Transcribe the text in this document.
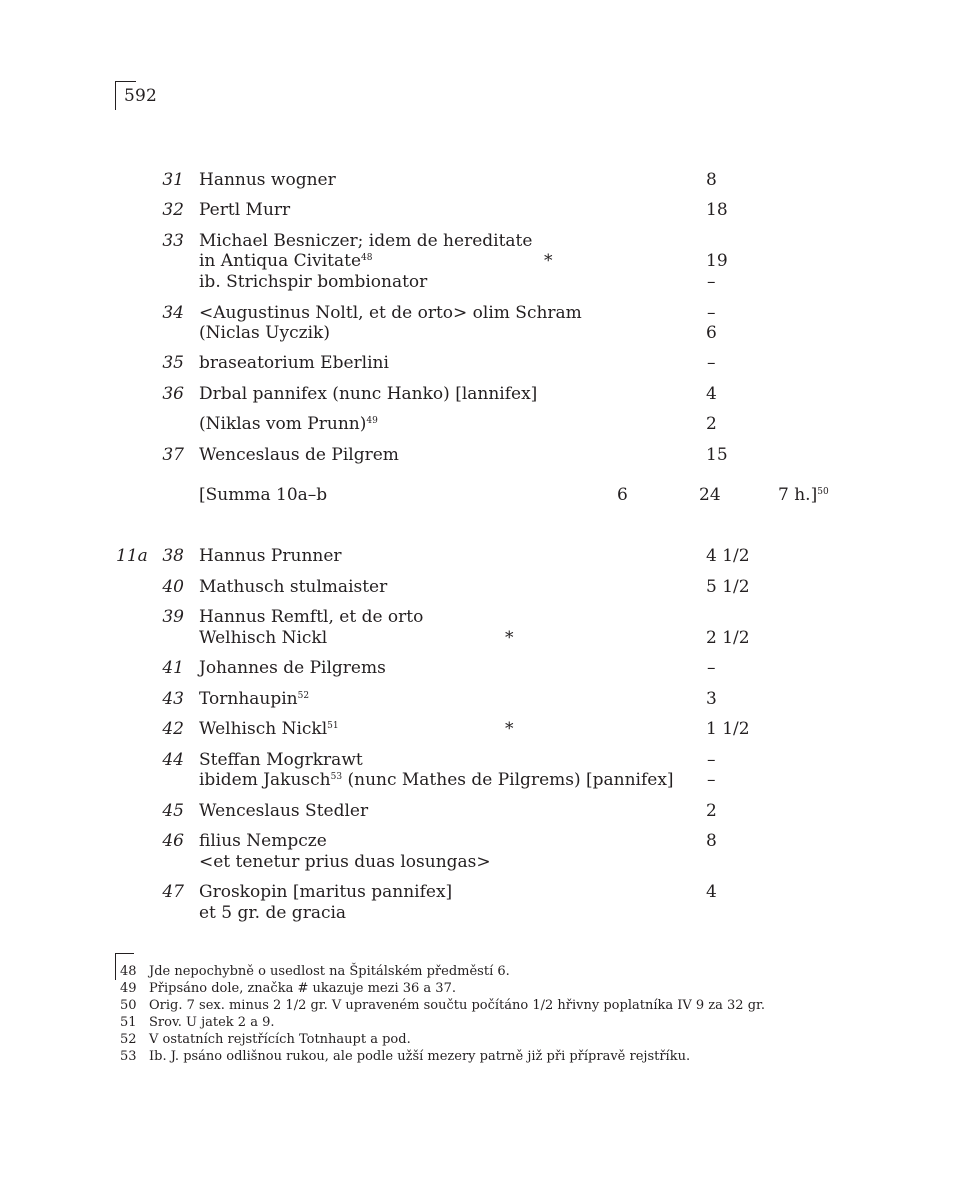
592
31 Hannus wogner	8
32 Pertl Murr	18
33 Michael Besniczer; idem de hereditate
in Antiqua Civitate$^{48}$	*	19
ib. Strichspir bombionator	–
34 <Augustinus Noltl, et de orto> olim Schram	–
(Niclas Uyczik)	6
35 braseatorium Eberlini	–
36 Drbal pannifex (nunc Hanko) [lannifex]	4
(Niklas vom Prunn)$^{49}$	2
37 Wenceslaus de Pilgrem	15
[Summa 10a–b	6	24	7 h.]$^{50}$
11a 38 Hannus Prunner	4 1/2
40 Mathusch stulmaister	5 1/2
39 Hannus Remftl, et de orto
Welhisch Nickl	*	2 1/2
41 Johannes de Pilgrems	–
43 Tornhaupin$^{52}$	3
42 Welhisch Nickl$^{51}$	*	1 1/2
44 Steffan Mogrkrawt	–
ibidem Jakusch$^{53}$ (nunc Mathes de Pilgrems) [pannifex] –
45 Wenceslaus Stedler	2
46 filius Nempcze	8
<et tenetur prius duas losungas>
47 Groskopin [maritus pannifex]	4
et 5 gr. de gracia
48 Jde nepochybně o usedlost na Špitálském předměstí 6.
49 Připsáno dole, značka # ukazuje mezi 36 a 37.
50 Orig. 7 sex. minus 2 1/2 gr. V upraveném součtu počítáno 1/2 hřivny poplatníka IV 9 za 32 gr.
51 Srov. U jatek 2 a 9.
52 V ostatních rejstřících Totnhaupt a pod.
53 Ib. J. psáno odlišnou rukou, ale podle užší mezery patrně již při přípravě rejstříku.
